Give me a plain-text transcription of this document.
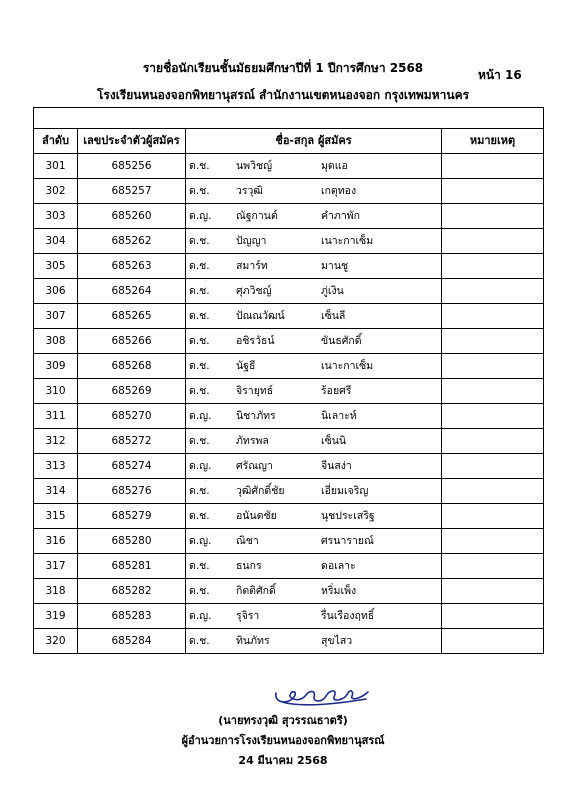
รายชื่อนักเรียนชั้นมัธยมศึกษาปีที่ 1 ปีการศึกษา 2568	หน้า 16
โรงเรียนหนองจอกพิทยานุสรณ์ สำนักงานเขตหนองจอก กรุงเทพมหานคร

ลำดับ	เลขประจำตัวผู้สมัคร	ชื่อ-สกุล ผู้สมัคร	หมายเหตุ
301	685256	ด.ช. นพวิชญ์ มุดแอ	

302	685257	ด.ช. วรวุฒิ เกตุทอง	

303	685260	ด.ญ. ณัฐกานต์ คำภาพัก	

304	685262	ด.ช. ปัญญา เนาะกาเซ็ม	

305	685263	ด.ช. สมาร์ท มานชู	

306	685264	ด.ช. ศุภวิชญ์ ภู่เงิน	

307	685265	ด.ช. ปัณณวัฒน์ เซ็นลี	

308	685266	ด.ช. อชิรวัธน์ ขันธศักดิ์	

309	685268	ด.ช. นัฐธี เนาะกาเซ็ม	

310	685269	ด.ช. จิรายุทธ์ ร้อยศรี	

311	685270	ด.ญ. นิชาภัทร นิเลาะห์	

312	685272	ด.ช. ภัทรพล เซ็นนิ	

313	685274	ด.ญ. ศรัณญา จีนสง่า	

314	685276	ด.ช. วุฒิศักดิ์ชัย เอี่ยมเจริญ	

315	685279	ด.ช. อนันตชัย นุชประเสริฐ	

316	685280	ด.ญ. ณิชา ศรนารายณ์	

317	685281	ด.ช. ธนกร ดอเลาะ	

318	685282	ด.ช. กิตติศักดิ์ หริ่มเพ็ง	

319	685283	ด.ญ. รุจิรา รื่นเรืองฤทธิ์	

320	685284	ด.ช. ทินภัทร สุขไสว	

(นายทรงวุฒิ สุวรรณธาตรี)
ผู้อำนวยการโรงเรียนหนองจอกพิทยานุสรณ์
24 มีนาคม 2568
